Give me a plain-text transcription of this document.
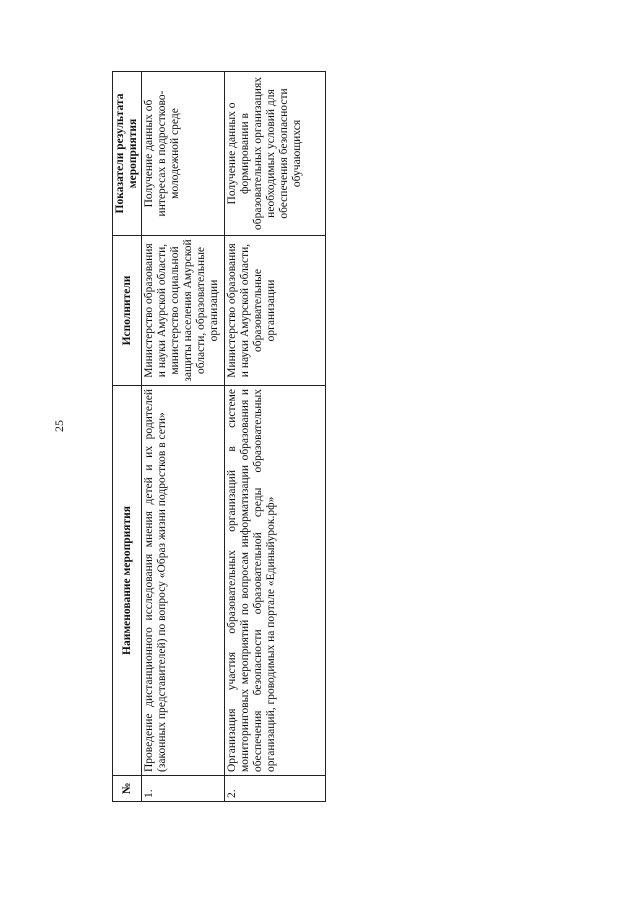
25
№	Наименование мероприятия	Исполнители	Показатели результата мероприятия
1.	Проведение дистанционного исследования мнения детей и их родителей (законных представителей) по вопросу «Образ жизни подростков в сети»	Министерство образования и науки Амурской области, министерство социальной защиты населения Амурской области, образовательные организации	Получение данных об интересах в подростково-молодежной среде
2.	Организация участия образовательных организаций в системе мониторинговых мероприятий по вопросам информатизации образования и обеспечения безопасности образовательной среды образовательных организаций, гроводимых на портале «Единыйурок.рф»	Министерство образования и науки Амурской области, образовательные организации	Получение данных о формировании в образовательных организациях необходимых условий для обеспечения безопасности обучающихся
